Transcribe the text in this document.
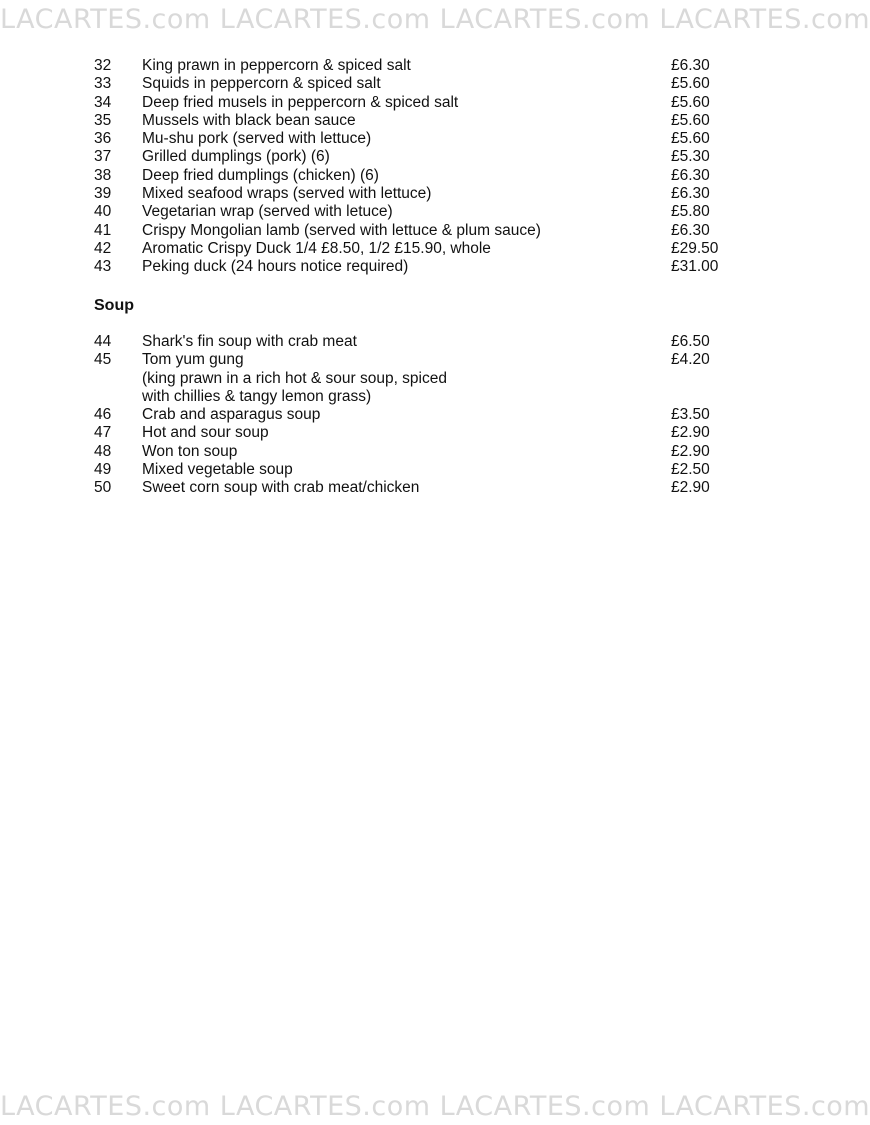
LACARTES.com LACARTES.com LACARTES.com LACARTES.com
32 King prawn in peppercorn & spiced salt	£6.30
33 Squids in peppercorn & spiced salt	£5.60
34 Deep fried musels in peppercorn & spiced salt	£5.60
35 Mussels with black bean sauce	£5.60
36 Mu-shu pork (served with lettuce)	£5.60
37 Grilled dumplings (pork) (6)	£5.30
38 Deep fried dumplings (chicken) (6)	£6.30
39 Mixed seafood wraps (served with lettuce)	£6.30
40 Vegetarian wrap (served with letuce)	£5.80
41 Crispy Mongolian lamb (served with lettuce & plum sauce)	£6.30
42 Aromatic Crispy Duck 1/4 £8.50, 1/2 £15.90, whole	£29.50
43 Peking duck (24 hours notice required)	£31.00
Soup
44 Shark's fin soup with crab meat	£6.50
45 Tom yum gung	£4.20
(king prawn in a rich hot & sour soup, spiced
with chillies & tangy lemon grass)
46 Crab and asparagus soup	£3.50
47 Hot and sour soup	£2.90
48 Won ton soup	£2.90
49 Mixed vegetable soup	£2.50
50 Sweet corn soup with crab meat/chicken	£2.90
LACARTES.com LACARTES.com LACARTES.com LACARTES.com
